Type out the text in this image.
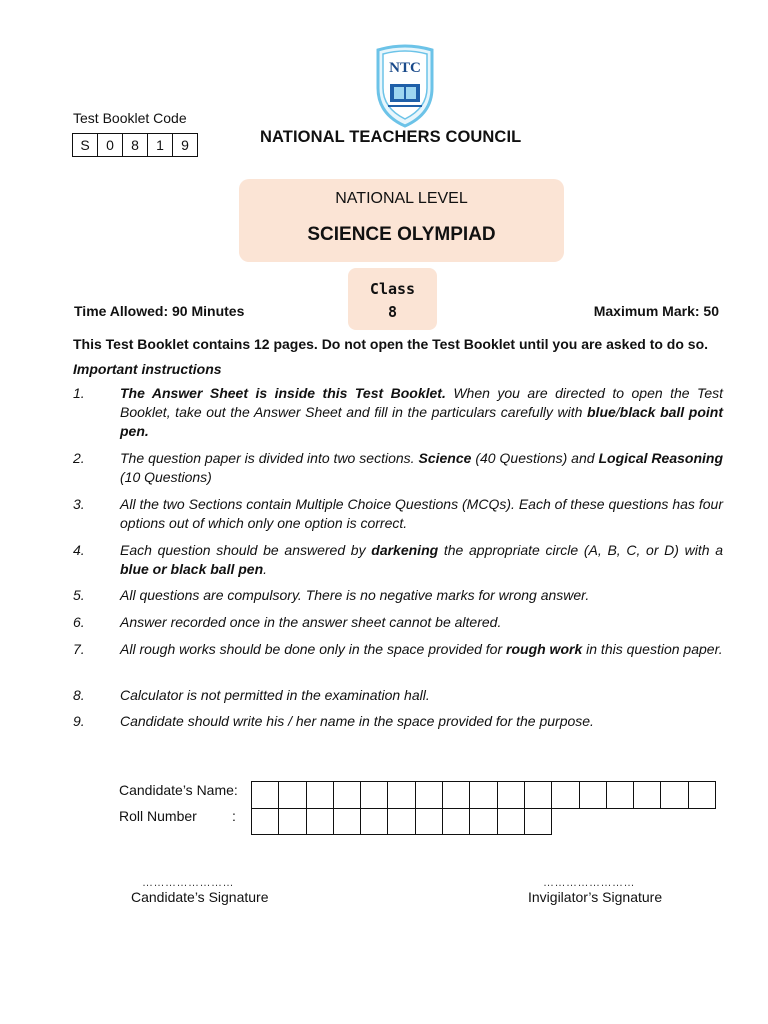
NTC
Test Booklet Code
S	0	8	1	9	NATIONAL TEACHERS COUNCIL
NATIONAL LEVEL
SCIENCE OLYMPIAD
Class
8
Time Allowed: 90 Minutes	Maximum Mark: 50
This Test Booklet contains 12 pages. Do not open the Test Booklet until you are asked to do so.
Important instructions
1.	The Answer Sheet is inside this Test Booklet. When you are directed to open the Test Booklet, take out the Answer Sheet and fill in the particulars carefully with blue/black ball point pen.
2.	The question paper is divided into two sections. Science (40 Questions) and Logical Reasoning (10 Questions)
3.	All the two Sections contain Multiple Choice Questions (MCQs). Each of these questions has four options out of which only one option is correct.
4.	Each question should be answered by darkening the appropriate circle (A, B, C, or D) with a blue or black ball pen.
5.	All questions are compulsory. There is no negative marks for wrong answer.
6.	Answer recorded once in the answer sheet cannot be altered.
7.	All rough works should be done only in the space provided for rough work in this question paper.
8.	Calculator is not permitted in the examination hall.
9.	Candidate should write his / her name in the space provided for the purpose.
Candidate’s Name:
Roll Number	:
……………………	……………………
Candidate’s Signature	Invigilator’s Signature
